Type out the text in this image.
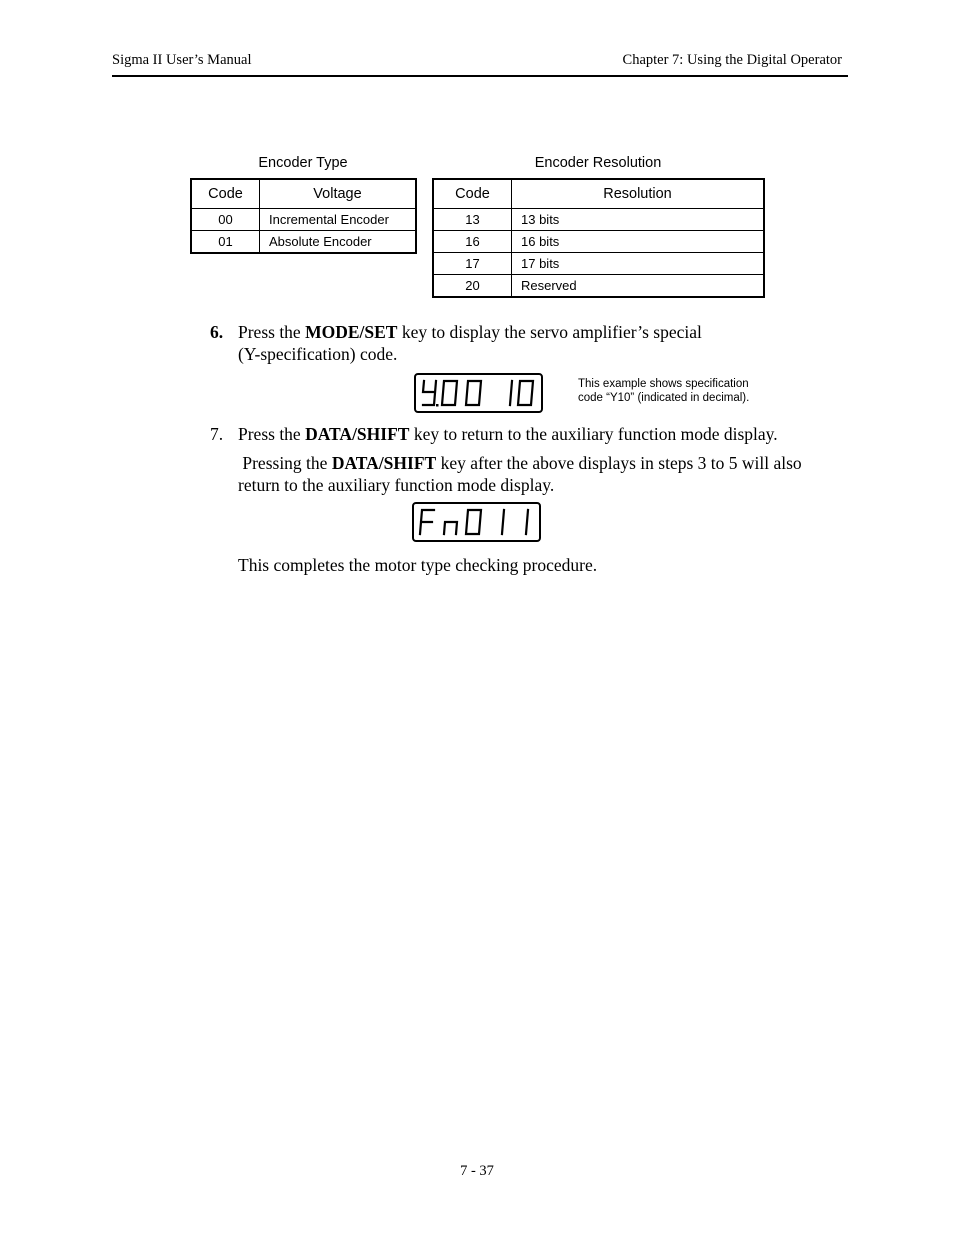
Sigma II User’s Manual	Chapter 7: Using the Digital Operator
Encoder Type
Code	Voltage
00	Incremental Encoder
01	Absolute Encoder
Encoder Resolution
Code	Resolution
13	13 bits
16	16 bits
17	17 bits
20	Reserved
6. Press the MODE/SET key to display the servo amplifier’s special
(Y-specification) code.
This example shows specification
code “Y10” (indicated in decimal).
7. Press the DATA/SHIFT key to return to the auxiliary function mode display.
Pressing the DATA/SHIFT key after the above displays in steps 3 to 5 will also
return to the auxiliary function mode display.
This completes the motor type checking procedure.
7 - 37
